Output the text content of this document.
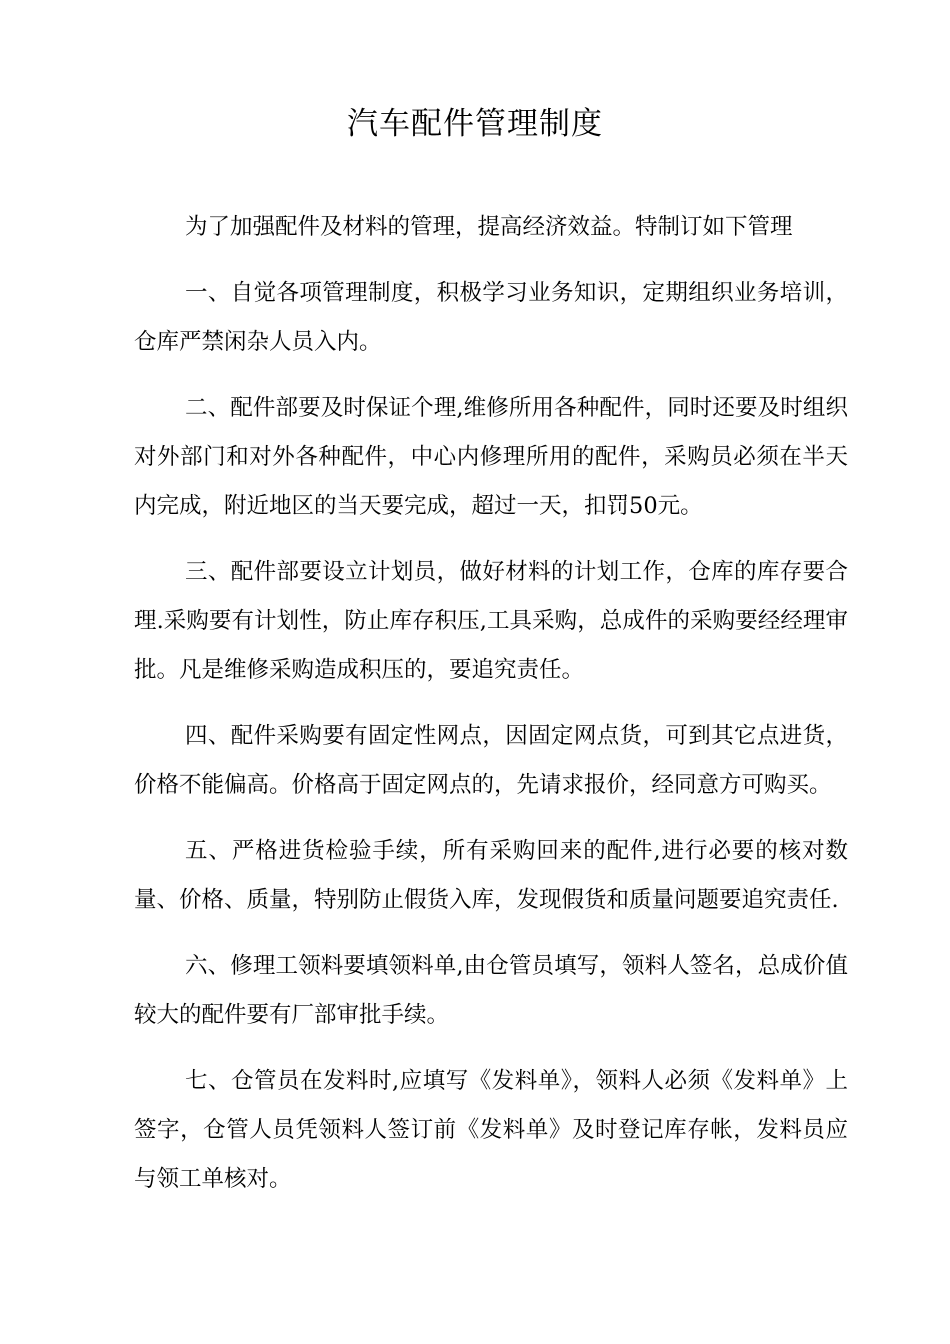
汽车配件管理制度

为了加强配件及材料的管理，提高经济效益。特制订如下管理

一、自觉各项管理制度，积极学习业务知识，定期组织业务培训，仓库严禁闲杂人员入内。

二、配件部要及时保证个理,维修所用各种配件，同时还要及时组织对外部门和对外各种配件，中心内修理所用的配件，采购员必须在半天内完成，附近地区的当天要完成，超过一天，扣罚50元。

三、配件部要设立计划员，做好材料的计划工作，仓库的库存要合理.采购要有计划性，防止库存积压,工具采购，总成件的采购要经经理审批。凡是维修采购造成积压的，要追究责任。

四、配件采购要有固定性网点，因固定网点货，可到其它点进货，价格不能偏高。价格高于固定网点的，先请求报价，经同意方可购买。

五、严格进货检验手续，所有采购回来的配件,进行必要的核对数量、价格、质量，特别防止假货入库，发现假货和质量问题要追究责任.

六、修理工领料要填领料单,由仓管员填写，领料人签名，总成价值较大的配件要有厂部审批手续。

七、仓管员在发料时,应填写《发料单》，领料人必须《发料单》上签字，仓管人员凭领料人签订前《发料单》及时登记库存帐，发料员应与领工单核对。
